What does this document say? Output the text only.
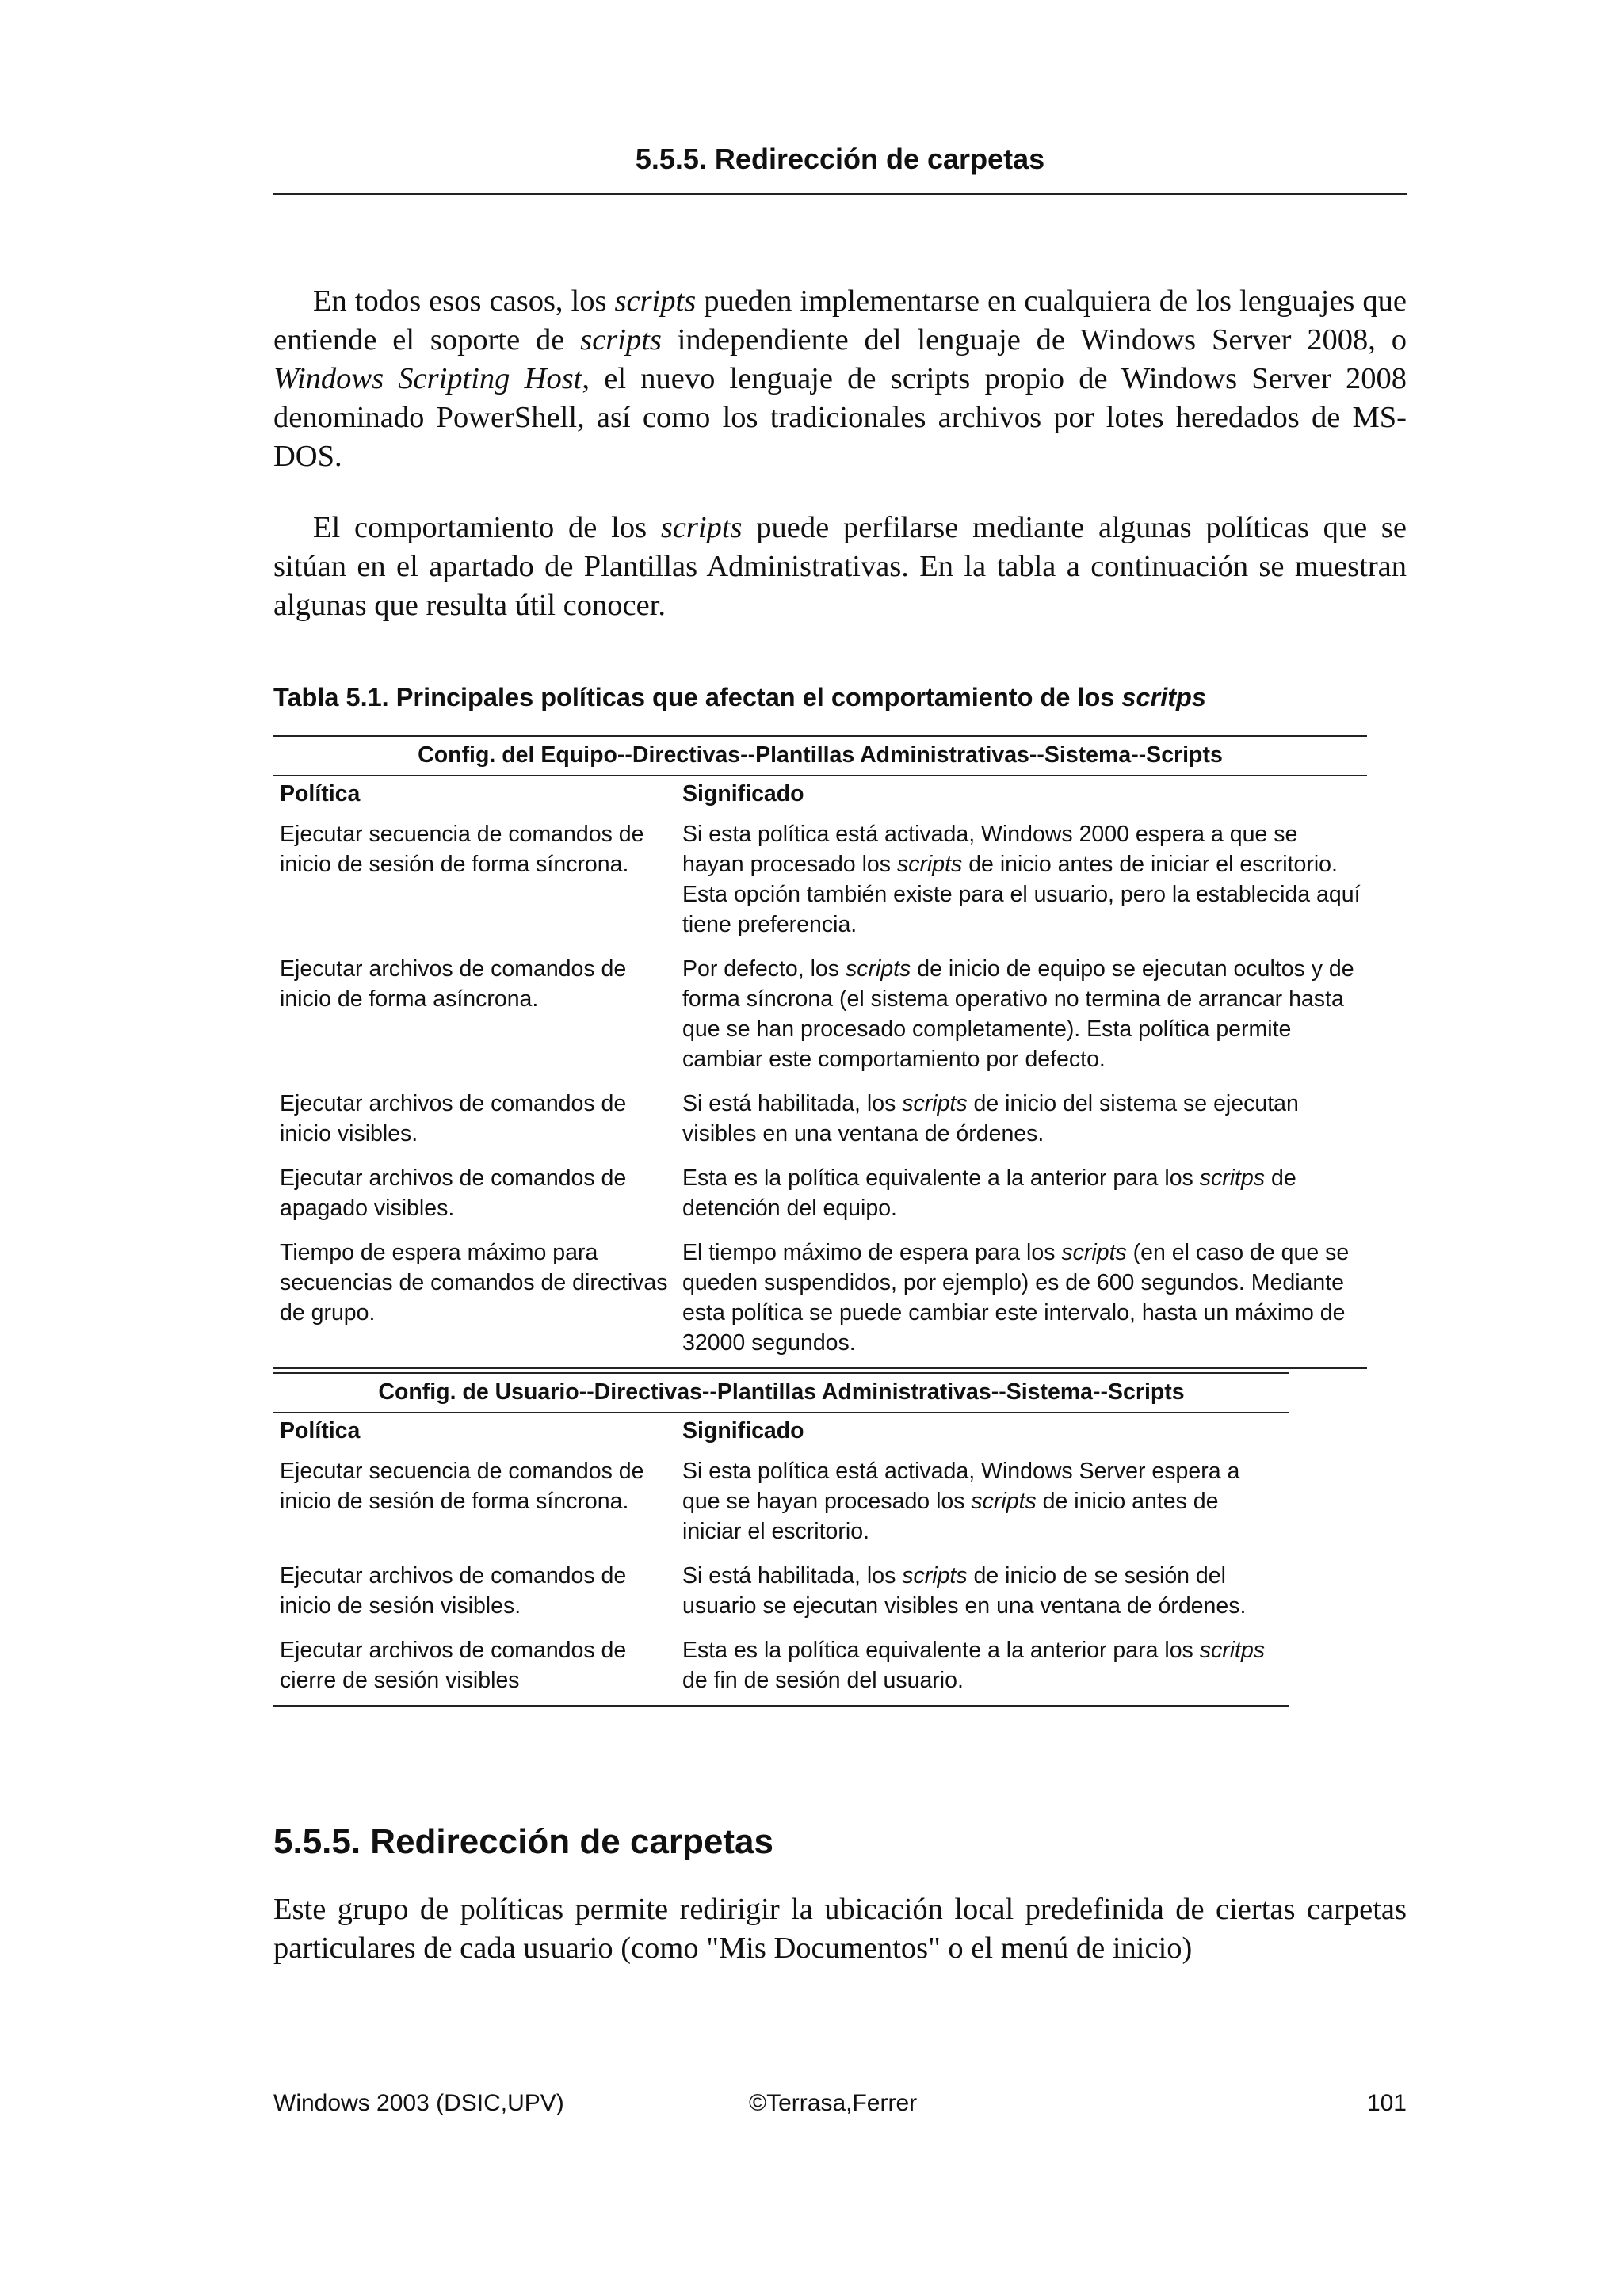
5.5.5. Redirección de carpetas

En todos esos casos, los scripts pueden implementarse en cualquiera de los lenguajes que entiende el soporte de scripts independiente del lenguaje de Windows Server 2008, o Windows Scripting Host, el nuevo lenguaje de scripts propio de Windows Server 2008 denominado PowerShell, así como los tradicionales archivos por lotes heredados de MS-DOS.

El comportamiento de los scripts puede perfilarse mediante algunas políticas que se sitúan en el apartado de Plantillas Administrativas. En la tabla a continuación se muestran algunas que resulta útil conocer.

Tabla 5.1. Principales políticas que afectan el comportamiento de los scritps
Config. del Equipo--Directivas--Plantillas Administrativas--Sistema--Scripts	
Política	Significado
Ejecutar secuencia de comandos de inicio de sesión de forma síncrona.	Si esta política está activada, Windows 2000 espera a que se hayan procesado los scripts de inicio antes de iniciar el escritorio. Esta opción también existe para el usuario, pero la establecida aquí tiene preferencia.
Ejecutar archivos de comandos de inicio de forma asíncrona.	Por defecto, los scripts de inicio de equipo se ejecutan ocultos y de forma síncrona (el sistema operativo no termina de arrancar hasta que se han procesado completamente). Esta política permite cambiar este comportamiento por defecto.
Ejecutar archivos de comandos de inicio visibles.	Si está habilitada, los scripts de inicio del sistema se ejecutan visibles en una ventana de órdenes.
Ejecutar archivos de comandos de apagado visibles.	Esta es la política equivalente a la anterior para los scritps de detención del equipo.
Tiempo de espera máximo para secuencias de comandos de directivas de grupo.	El tiempo máximo de espera para los scripts (en el caso de que se queden suspendidos, por ejemplo) es de 600 segundos. Mediante esta política se puede cambiar este intervalo, hasta un máximo de 32000 segundos.
Config. de Usuario--Directivas--Plantillas Administrativas--Sistema--Scripts	
Política	Significado
Ejecutar secuencia de comandos de inicio de sesión de forma síncrona.	Si esta política está activada, Windows Server espera a que se hayan procesado los scripts de inicio antes de iniciar el escritorio.
Ejecutar archivos de comandos de inicio de sesión visibles.	Si está habilitada, los scripts de inicio de se sesión del usuario se ejecutan visibles en una ventana de órdenes.
Ejecutar archivos de comandos de cierre de sesión visibles	Esta es la política equivalente a la anterior para los scritps de fin de sesión del usuario.
5.5.5. Redirección de carpetas

Este grupo de políticas permite redirigir la ubicación local predefinida de ciertas carpetas particulares de cada usuario (como "Mis Documentos" o el menú de inicio)

Windows 2003 (DSIC,UPV)	©Terrasa,Ferrer	101
